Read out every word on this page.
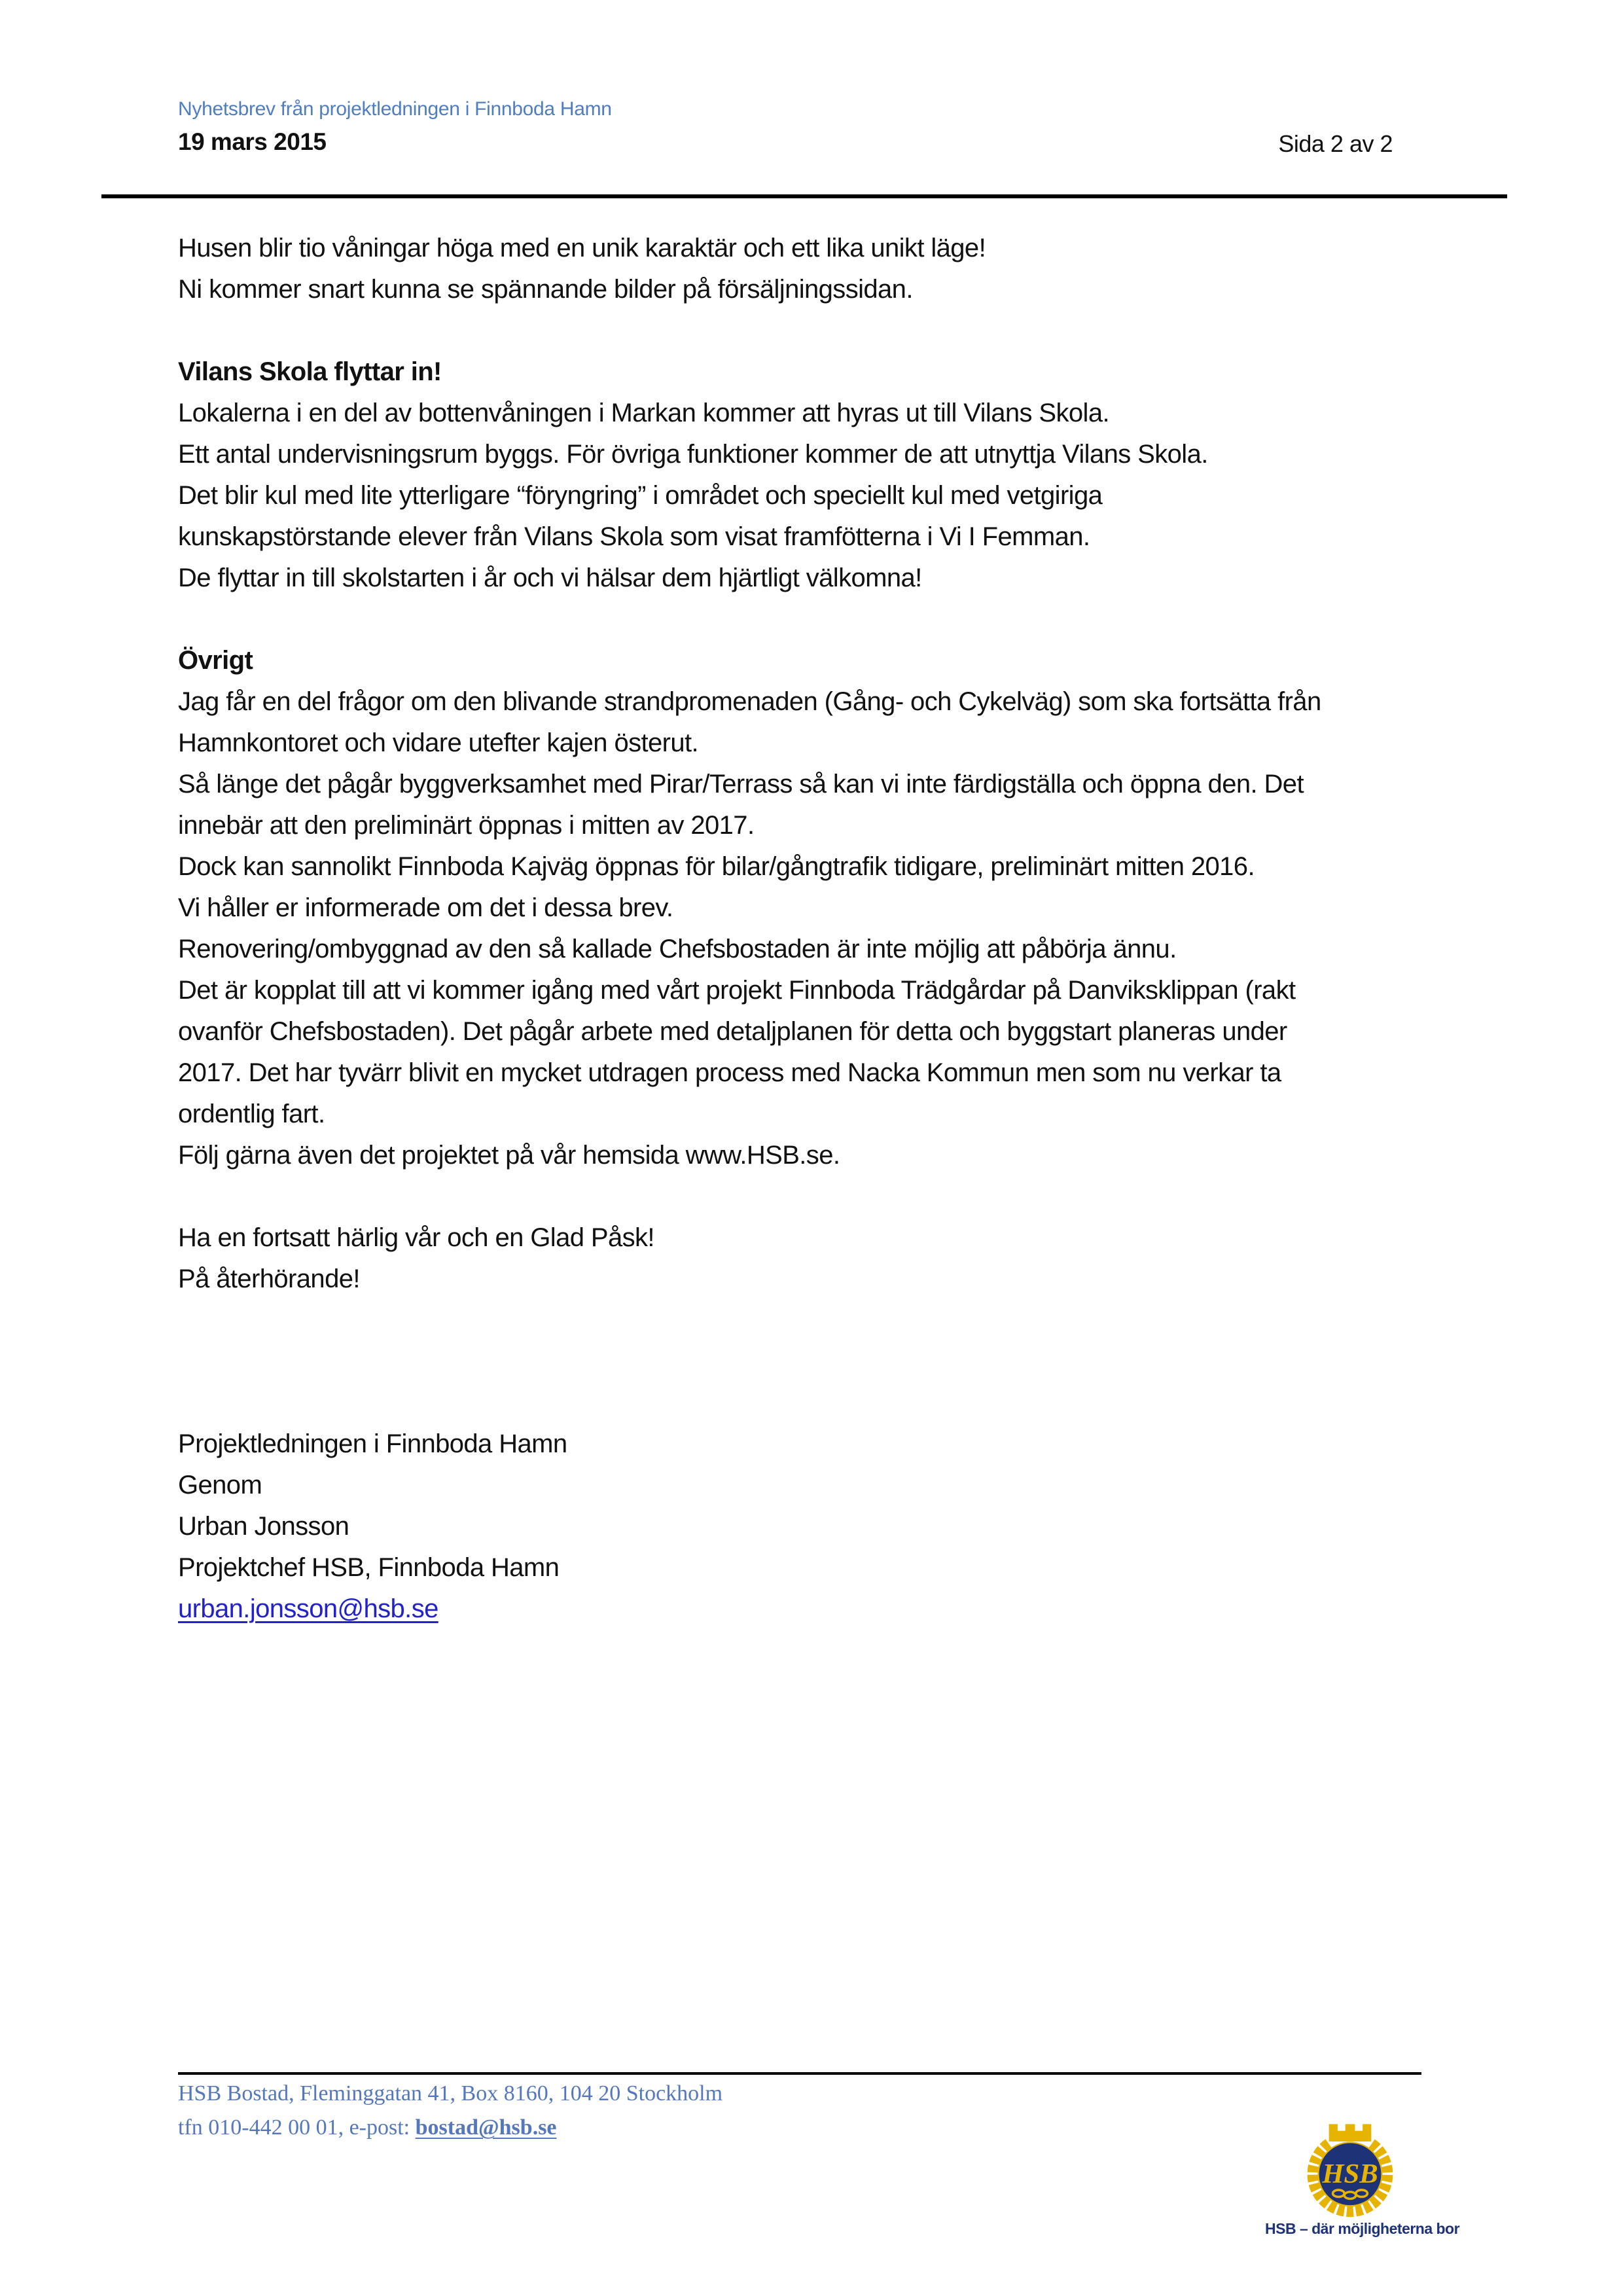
Nyhetsbrev från projektledningen i Finnboda Hamn
19 mars 2015	Sida 2 av 2
Husen blir tio våningar höga med en unik karaktär och ett lika unikt läge!
Ni kommer snart kunna se spännande bilder på försäljningssidan.
Vilans Skola flyttar in!
Lokalerna i en del av bottenvåningen i Markan kommer att hyras ut till Vilans Skola.
Ett antal undervisningsrum byggs. För övriga funktioner kommer de att utnyttja Vilans Skola.
Det blir kul med lite ytterligare “föryngring” i området och speciellt kul med vetgiriga
kunskapstörstande elever från Vilans Skola som visat framfötterna i Vi I Femman.
De flyttar in till skolstarten i år och vi hälsar dem hjärtligt välkomna!
Övrigt
Jag får en del frågor om den blivande strandpromenaden (Gång- och Cykelväg) som ska fortsätta från
Hamnkontoret och vidare utefter kajen österut.
Så länge det pågår byggverksamhet med Pirar/Terrass så kan vi inte färdigställa och öppna den. Det
innebär att den preliminärt öppnas i mitten av 2017.
Dock kan sannolikt Finnboda Kajväg öppnas för bilar/gångtrafik tidigare, preliminärt mitten 2016.
Vi håller er informerade om det i dessa brev.
Renovering/ombyggnad av den så kallade Chefsbostaden är inte möjlig att påbörja ännu.
Det är kopplat till att vi kommer igång med vårt projekt Finnboda Trädgårdar på Danviksklippan (rakt
ovanför Chefsbostaden). Det pågår arbete med detaljplanen för detta och byggstart planeras under
2017. Det har tyvärr blivit en mycket utdragen process med Nacka Kommun men som nu verkar ta
ordentlig fart.
Följ gärna även det projektet på vår hemsida www.HSB.se.
Ha en fortsatt härlig vår och en Glad Påsk!
På återhörande!
Projektledningen i Finnboda Hamn
Genom
Urban Jonsson
Projektchef HSB, Finnboda Hamn
urban.jonsson@hsb.se
HSB Bostad, Fleminggatan 41, Box 8160, 104 20 Stockholm
tfn 010-442 00 01, e-post: bostad@hsb.se
HSB
HSB – där möjligheterna bor
